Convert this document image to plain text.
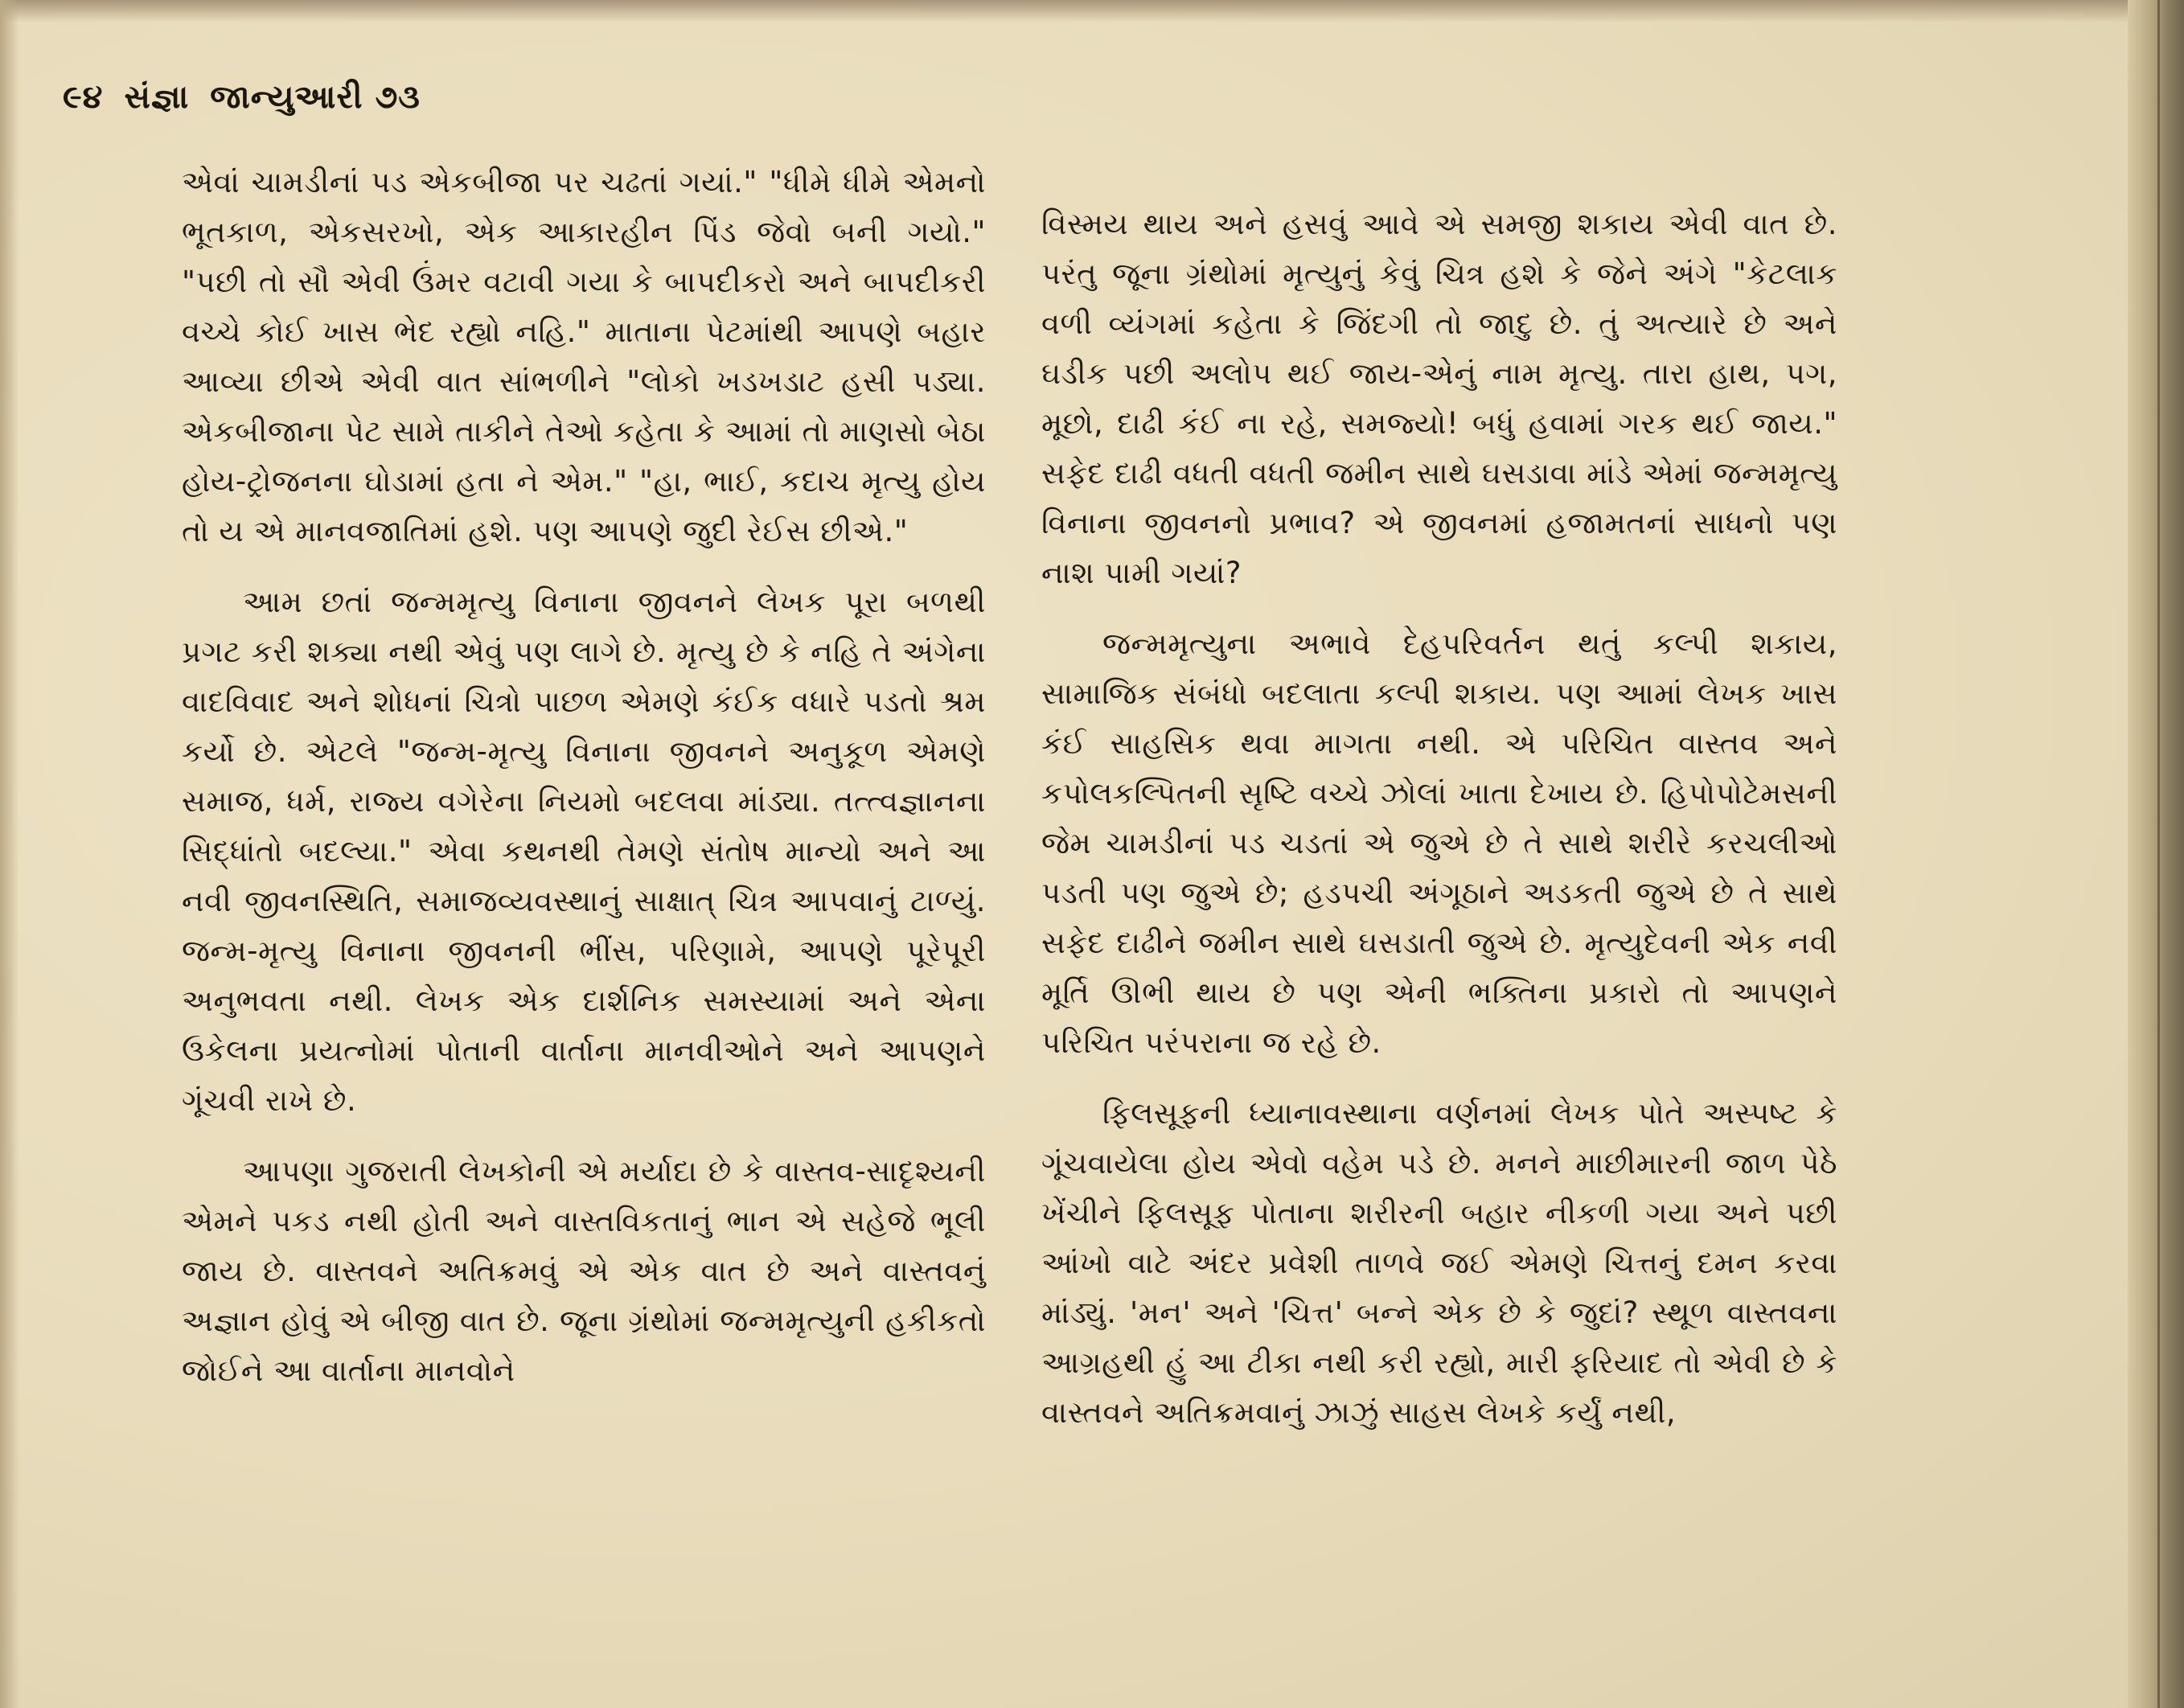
૯૪ સંજ્ઞા જાન્યુઆરી ૭૩

એવાં ચામડીનાં પડ એકબીજા પર ચઢતાં ગયાં." "ધીમે ધીમે એમનો ભૂતકાળ, એકસરખો, એક આકારહીન પિંડ જેવો બની ગયો." "પછી તો સૌ એવી ઉંમર વટાવી ગયા કે બાપદીકરો અને બાપદીકરી વચ્ચે કોઈ ખાસ ભેદ રહ્યો નહિ." માતાના પેટમાંથી આપણે બહાર આવ્યા છીએ એવી વાત સાંભળીને "લોકો ખડખડાટ હસી પડ્યા. એકબીજાના પેટ સામે તાકીને તેઓ કહેતા કે આમાં તો માણસો બેઠા હોય-ટ્રોજનના ઘોડામાં હતા ને એમ." "હા, ભાઈ, કદાચ મૃત્યુ હોય તો ય એ માનવજાતિમાં હશે. પણ આપણે જુદી રેઈસ છીએ."

આમ છતાં જન્મમૃત્યુ વિનાના જીવનને લેખક પૂરા બળથી પ્રગટ કરી શક્યા નથી એવું પણ લાગે છે. મૃત્યુ છે કે નહિ તે અંગેના વાદવિવાદ અને શોધનાં ચિત્રો પાછળ એમણે કંઈક વધારે પડતો શ્રમ કર્યો છે. એટલે "જન્મ-મૃત્યુ વિનાના જીવનને અનુકૂળ એમણે સમાજ, ધર્મ, રાજ્ય વગેરેના નિયમો બદલવા માંડ્યા. તત્ત્વજ્ઞાનના સિદ્ધાંતો બદલ્યા." એવા કથનથી તેમણે સંતોષ માન્યો અને આ નવી જીવનસ્થિતિ, સમાજવ્યવસ્થાનું સાક્ષાત્ ચિત્ર આપવાનું ટાળ્યું. જન્મ-મૃત્યુ વિનાના જીવનની ભીંસ, પરિણામે, આપણે પૂરેપૂરી અનુભવતા નથી. લેખક એક દાર્શનિક સમસ્યામાં અને એના ઉકેલના પ્રયત્નોમાં પોતાની વાર્તાના માનવીઓને અને આપણને ગૂંચવી રાખે છે.

આપણા ગુજરાતી લેખકોની એ મર્યાદા છે કે વાસ્તવ-સાદૃશ્યની એમને પકડ નથી હોતી અને વાસ્તવિકતાનું ભાન એ સહેજે ભૂલી જાય છે. વાસ્તવને અતિક્રમવું એ એક વાત છે અને વાસ્તવનું અજ્ઞાન હોવું એ બીજી વાત છે. જૂના ગ્રંથોમાં જન્મમૃત્યુની હકીકતો જોઈને આ વાર્તાના માનવોને

વિસ્મય થાય અને હસવું આવે એ સમજી શકાય એવી વાત છે. પરંતુ જૂના ગ્રંથોમાં મૃત્યુનું કેવું ચિત્ર હશે કે જેને અંગે "કેટલાક વળી વ્યંગમાં કહેતા કે જિંદગી તો જાદુ છે. તું અત્યારે છે અને ઘડીક પછી અલોપ થઈ જાય-એનું નામ મૃત્યુ. તારા હાથ, પગ, મૂછો, દાઢી કંઈ ના રહે, સમજ્યો! બધું હવામાં ગરક થઈ જાય." સફેદ દાઢી વધતી વધતી જમીન સાથે ઘસડાવા માંડે એમાં જન્મમૃત્યુ વિનાના જીવનનો પ્રભાવ? એ જીવનમાં હજામતનાં સાધનો પણ નાશ પામી ગયાં?

જન્મમૃત્યુના અભાવે દેહપરિવર્તન થતું કલ્પી શકાય, સામાજિક સંબંધો બદલાતા કલ્પી શકાય. પણ આમાં લેખક ખાસ કંઈ સાહસિક થવા માગતા નથી. એ પરિચિત વાસ્તવ અને કપોલકલ્પિતની સૃષ્ટિ વચ્ચે ઝોલાં ખાતા દેખાય છે. હિપોપોટેમસની જેમ ચામડીનાં પડ ચડતાં એ જુએ છે તે સાથે શરીરે કરચલીઓ પડતી પણ જુએ છે; હડપચી અંગૂઠાને અડકતી જુએ છે તે સાથે સફેદ દાઢીને જમીન સાથે ઘસડાતી જુએ છે. મૃત્યુદેવની એક નવી મૂર્તિ ઊભી થાય છે પણ એની ભક્તિના પ્રકારો તો આપણને પરિચિત પરંપરાના જ રહે છે.

ફિલસૂફની ધ્યાનાવસ્થાના વર્ણનમાં લેખક પોતે અસ્પષ્ટ કે ગૂંચવાયેલા હોય એવો વહેમ પડે છે. મનને માછીમારની જાળ પેઠે ખેંચીને ફિલસૂફ પોતાના શરીરની બહાર નીકળી ગયા અને પછી આંખો વાટે અંદર પ્રવેશી તાળવે જઈ એમણે ચિત્તનું દમન કરવા માંડ્યું. 'મન' અને 'ચિત્ત' બન્ને એક છે કે જુદાં? સ્થૂળ વાસ્તવના આગ્રહથી હું આ ટીકા નથી કરી રહ્યો, મારી ફરિયાદ તો એવી છે કે વાસ્તવને અતિક્રમવાનું ઝાઝું સાહસ લેખકે કર્યું નથી,
